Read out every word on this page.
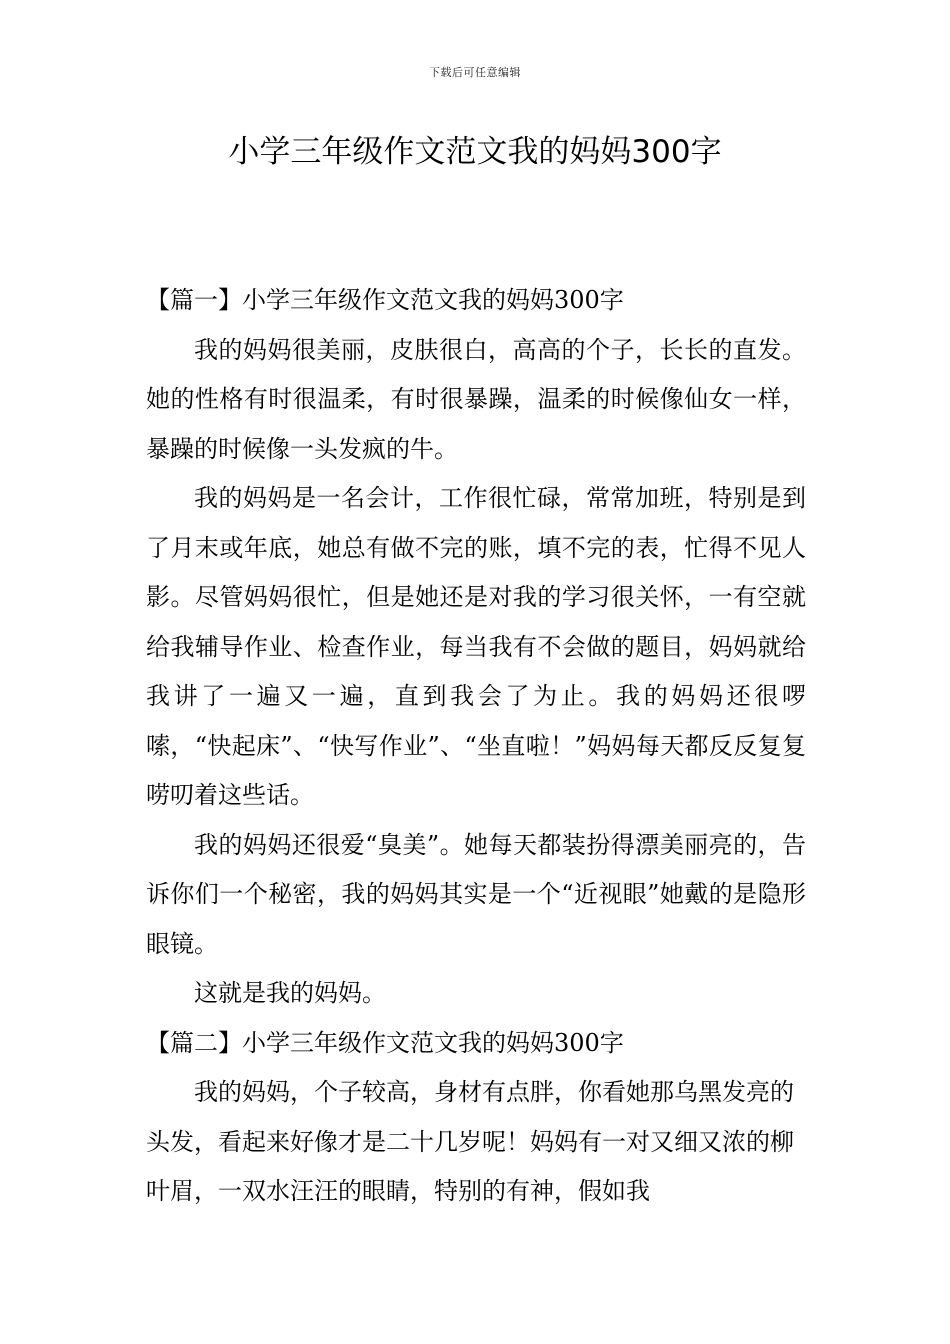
下载后可任意编辑
小学三年级作文范文我的妈妈300字
【篇一】小学三年级作文范文我的妈妈300字

我的妈妈很美丽，皮肤很白，高高的个子，长长的直发。她的性格有时很温柔，有时很暴躁，温柔的时候像仙女一样，暴躁的时候像一头发疯的牛。

我的妈妈是一名会计，工作很忙碌，常常加班，特别是到了月末或年底，她总有做不完的账，填不完的表，忙得不见人影。尽管妈妈很忙，但是她还是对我的学习很关怀，一有空就给我辅导作业、检查作业，每当我有不会做的题目，妈妈就给我讲了一遍又一遍，直到我会了为止。我的妈妈还很啰嗦，“快起床”、“快写作业”、“坐直啦！”妈妈每天都反反复复唠叨着这些话。

我的妈妈还很爱“臭美”。她每天都装扮得漂美丽亮的，告诉你们一个秘密，我的妈妈其实是一个“近视眼”她戴的是隐形眼镜。

这就是我的妈妈。

【篇二】小学三年级作文范文我的妈妈300字

我的妈妈，个子较高，身材有点胖，你看她那乌黑发亮的头发，看起来好像才是二十几岁呢！妈妈有一对又细又浓的柳叶眉，一双水汪汪的眼睛，特别的有神，假如我
